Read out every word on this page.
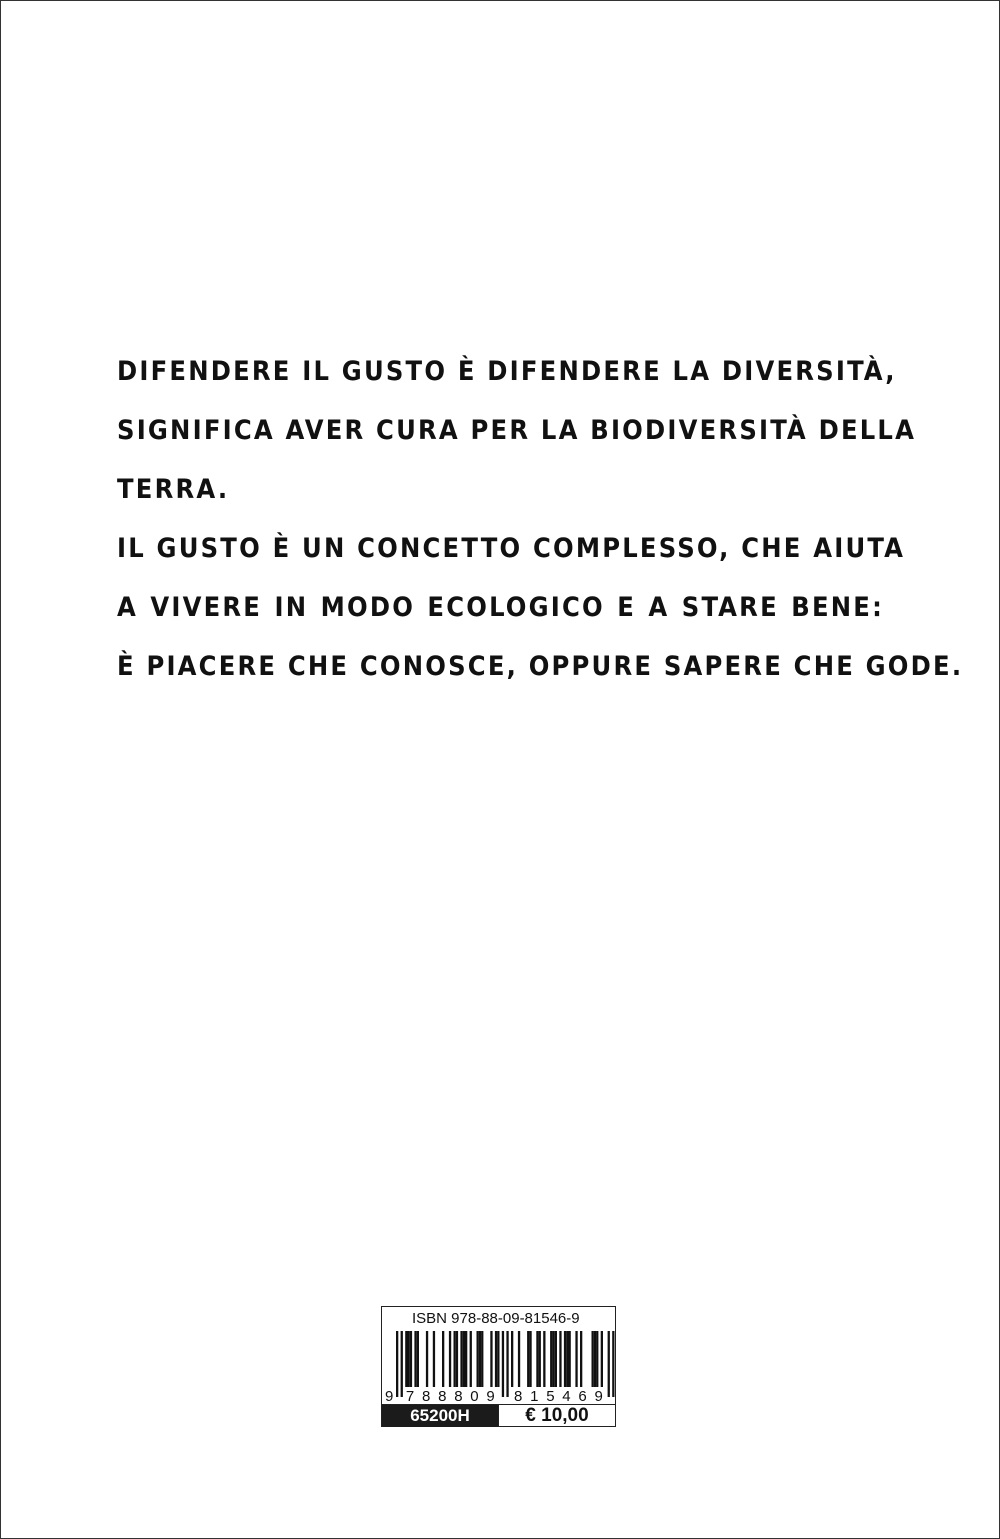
DIFENDERE IL GUSTO È DIFENDERE LA DIVERSITÀ,
SIGNIFICA AVER CURA PER LA BIODIVERSITÀ DELLA
TERRA.
IL GUSTO È UN CONCETTO COMPLESSO, CHE AIUTA
A VIVERE IN MODO ECOLOGICO E A STARE BENE:
È PIACERE CHE CONOSCE, OPPURE SAPERE CHE GODE.
ISBN 978-88-09-81546-9
9 7 8 8 8 0 9 8 1 5 4 6 9
65200H	€ 10,00
